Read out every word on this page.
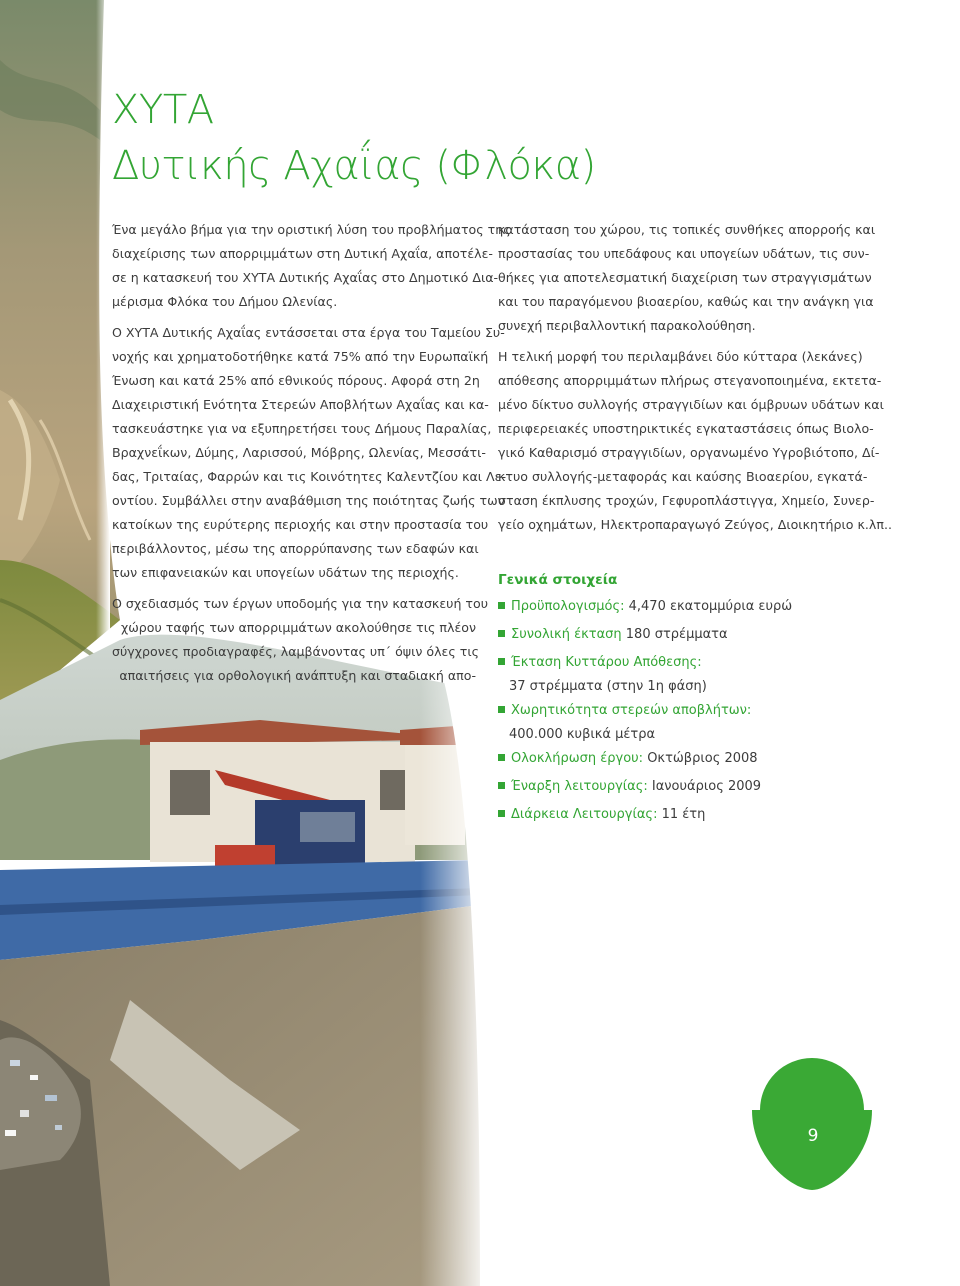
ΧΥΤΑ
Δυτικής Αχαΐας (Φλόκα)

Ένα μεγάλο βήμα για την οριστική λύση του προβλήματος της
διαχείρισης των απορριμμάτων στη Δυτική Αχαΐα, αποτέλε-
σε η κατασκευή του ΧΥΤΑ Δυτικής Αχαΐας στο Δημοτικό Δια-
μέρισμα Φλόκα του Δήμου Ωλενίας.

Ο ΧΥΤΑ Δυτικής Αχαΐας εντάσσεται στα έργα του Ταμείου Συ-
νοχής και χρηματοδοτήθηκε κατά 75% από την Ευρωπαϊκή
Ένωση και κατά 25% από εθνικούς πόρους. Αφορά στη 2η
Διαχειριστική Ενότητα Στερεών Αποβλήτων Αχαΐας και κα-
τασκευάστηκε για να εξυπηρετήσει τους Δήμους Παραλίας,
Βραχνεΐκων, Δύμης, Λαρισσού, Μόβρης, Ωλενίας, Μεσσάτι-
δας, Τριταίας, Φαρρών και τις Κοινότητες Καλεντζίου και Λε-
οντίου. Συμβάλλει στην αναβάθμιση της ποιότητας ζωής των
κατοίκων της ευρύτερης περιοχής και στην προστασία του
περιβάλλοντος, μέσω της απορρύπανσης των εδαφών και
των επιφανειακών και υπογείων υδάτων της περιοχής.

Ο σχεδιασμός των έργων υποδομής για την κατασκευή του
χώρου ταφής των απορριμμάτων ακολούθησε τις πλέον
σύγχρονες προδιαγραφές, λαμβάνοντας υπ΄ όψιν όλες τις
απαιτήσεις για ορθολογική ανάπτυξη και σταδιακή απο-

κατάσταση του χώρου, τις τοπικές συνθήκες απορροής και
προστασίας του υπεδάφους και υπογείων υδάτων, τις συν-
θήκες για αποτελεσματική διαχείριση των στραγγισμάτων
και του παραγόμενου βιοαερίου, καθώς και την ανάγκη για
συνεχή περιβαλλοντική παρακολούθηση.

Η τελική μορφή του περιλαμβάνει δύο κύτταρα (λεκάνες)
απόθεσης απορριμμάτων πλήρως στεγανοποιημένα, εκτετα-
μένο δίκτυο συλλογής στραγγιδίων και όμβρυων υδάτων και
περιφερειακές υποστηρικτικές εγκαταστάσεις όπως Βιολο-
γικό Καθαρισμό στραγγιδίων, οργανωμένο Υγροβιότοπο, Δί-
κτυο συλλογής-μεταφοράς και καύσης Βιοαερίου, εγκατά-
σταση έκπλυσης τροχών, Γεφυροπλάστιγγα, Χημείο, Συνερ-
γείο οχημάτων, Ηλεκτροπαραγωγό Ζεύγος, Διοικητήριο κ.λπ..

Γενικά στοιχεία
Προϋπολογισμός: 4,470 εκατομμύρια ευρώ
Συνολική έκταση 180 στρέμματα
Έκταση Κυττάρου Απόθεσης:
37 στρέμματα (στην 1η φάση)
Χωρητικότητα στερεών αποβλήτων:
400.000 κυβικά μέτρα
Ολοκλήρωση έργου: Οκτώβριος 2008
Έναρξη λειτουργίας: Ιανουάριος 2009
Διάρκεια Λειτουργίας: 11 έτη
9
